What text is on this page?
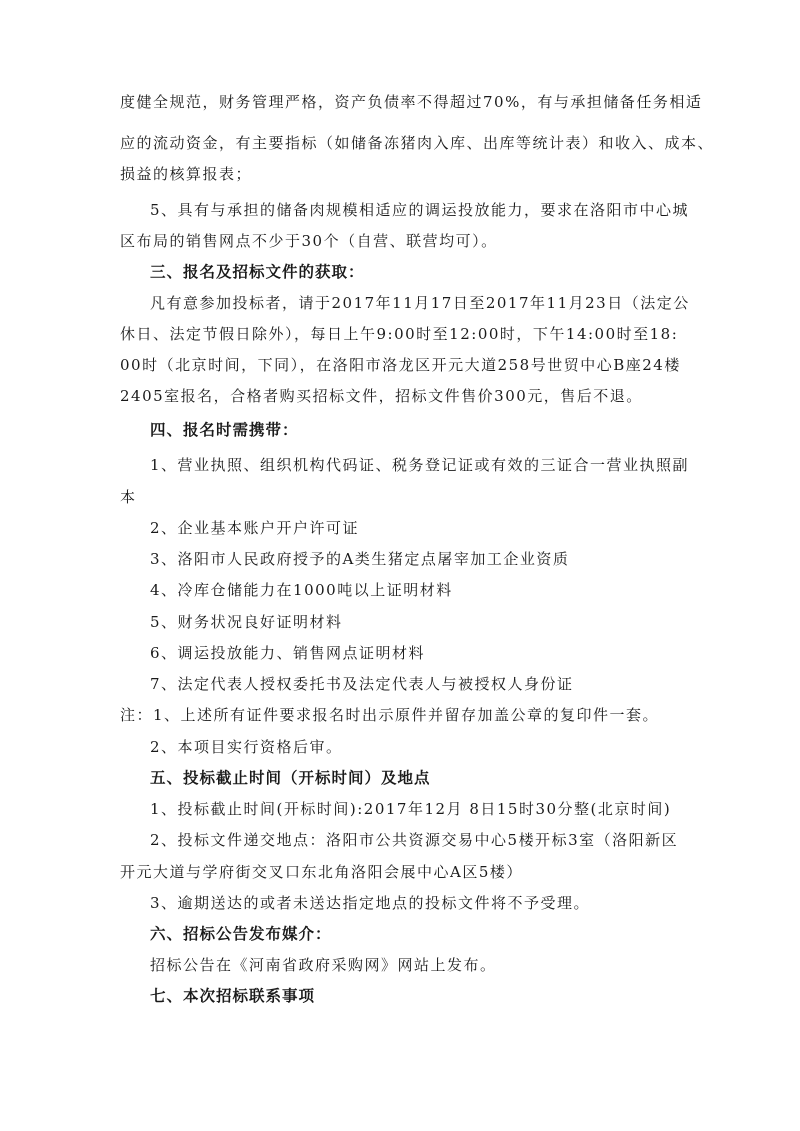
度健全规范，财务管理严格，资产负债率不得超过70%，有与承担储备任务相适
应的流动资金，有主要指标（如储备冻猪肉入库、出库等统计表）和收入、成本、
损益的核算报表；
5、具有与承担的储备肉规模相适应的调运投放能力，要求在洛阳市中心城
区布局的销售网点不少于30个（自营、联营均可）。
三、报名及招标文件的获取：
凡有意参加投标者，请于2017年11月17日至2017年11月23日（法定公
休日、法定节假日除外），每日上午9:00时至12:00时，下午14:00时至18:
00时（北京时间，下同），在洛阳市洛龙区开元大道258号世贸中心B座24楼
2405室报名，合格者购买招标文件，招标文件售价300元，售后不退。
四、报名时需携带：
1、营业执照、组织机构代码证、税务登记证或有效的三证合一营业执照副
本
2、企业基本账户开户许可证
3、洛阳市人民政府授予的A类生猪定点屠宰加工企业资质
4、冷库仓储能力在1000吨以上证明材料
5、财务状况良好证明材料
6、调运投放能力、销售网点证明材料
7、法定代表人授权委托书及法定代表人与被授权人身份证
注：1、上述所有证件要求报名时出示原件并留存加盖公章的复印件一套。
2、本项目实行资格后审。
五、投标截止时间（开标时间）及地点
1、投标截止时间(开标时间):2017年12月 8日15时30分整(北京时间)
2、投标文件递交地点：洛阳市公共资源交易中心5楼开标3室（洛阳新区
开元大道与学府街交叉口东北角洛阳会展中心A区5楼）
3、逾期送达的或者未送达指定地点的投标文件将不予受理。
六、招标公告发布媒介：
招标公告在《河南省政府采购网》网站上发布。
七、本次招标联系事项
